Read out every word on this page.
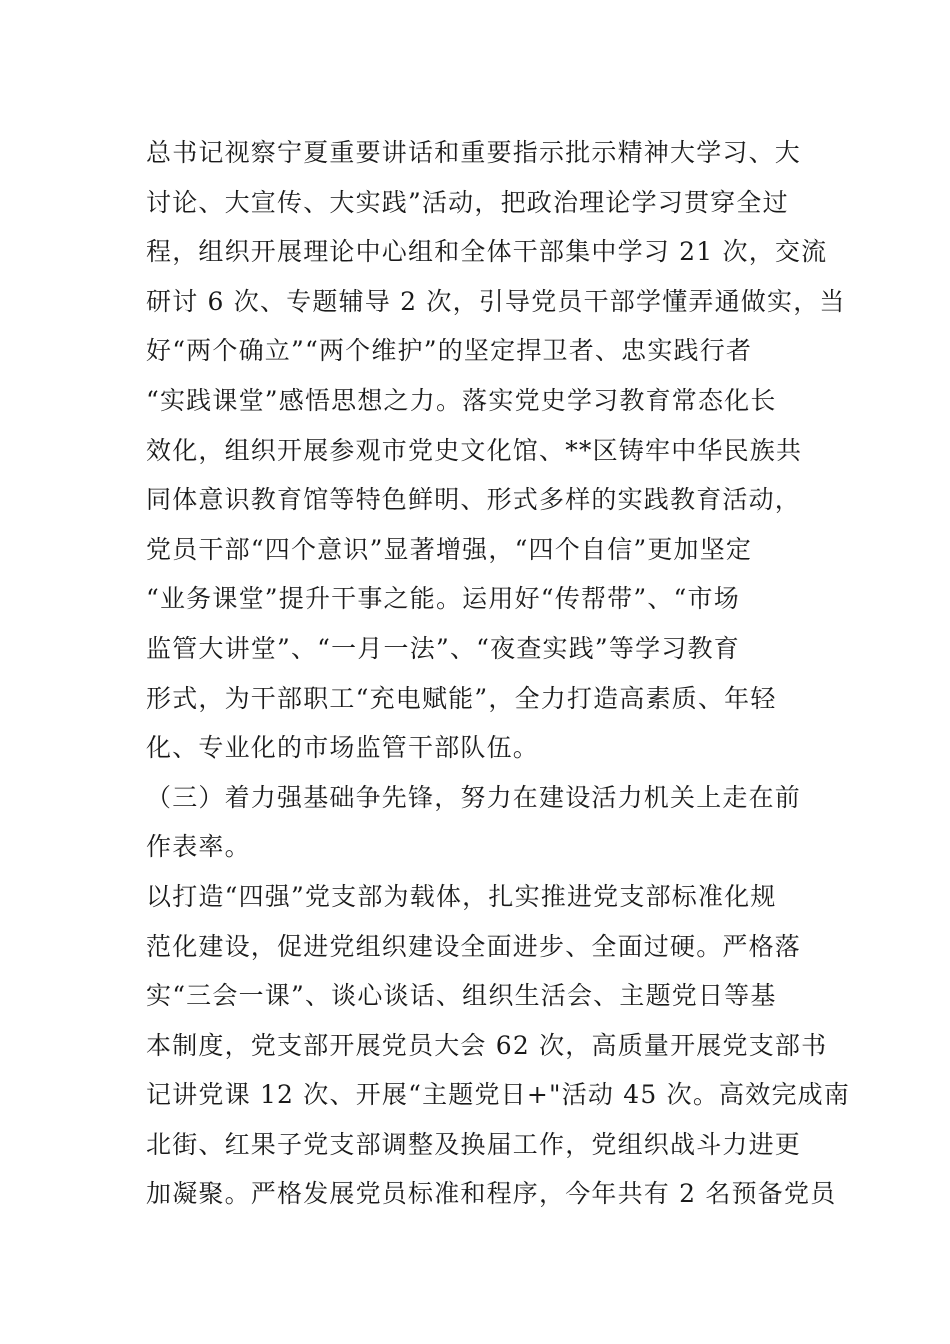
总书记视察宁夏重要讲话和重要指示批示精神大学习、大
讨论、大宣传、大实践”活动，把政治理论学习贯穿全过
程，组织开展理论中心组和全体干部集中学习 21 次，交流
研讨 6 次、专题辅导 2 次，引导党员干部学懂弄通做实，当
好“两个确立”“两个维护”的坚定捍卫者、忠实践行者
“实践课堂”感悟思想之力。落实党史学习教育常态化长
效化，组织开展参观市党史文化馆、**区铸牢中华民族共
同体意识教育馆等特色鲜明、形式多样的实践教育活动，
党员干部“四个意识”显著增强，“四个自信”更加坚定
“业务课堂”提升干事之能。运用好“传帮带”、“市场
监管大讲堂”、“一月一法”、“夜查实践”等学习教育
形式，为干部职工“充电赋能”，全力打造高素质、年轻
化、专业化的市场监管干部队伍。
（三）着力强基础争先锋，努力在建设活力机关上走在前
作表率。
以打造“四强”党支部为载体，扎实推进党支部标准化规
范化建设，促进党组织建设全面进步、全面过硬。严格落
实“三会一课”、谈心谈话、组织生活会、主题党日等基
本制度，党支部开展党员大会 62 次，高质量开展党支部书
记讲党课 12 次、开展“主题党日+"活动 45 次。高效完成南
北街、红果子党支部调整及换届工作，党组织战斗力进更
加凝聚。严格发展党员标准和程序，今年共有 2 名预备党员
